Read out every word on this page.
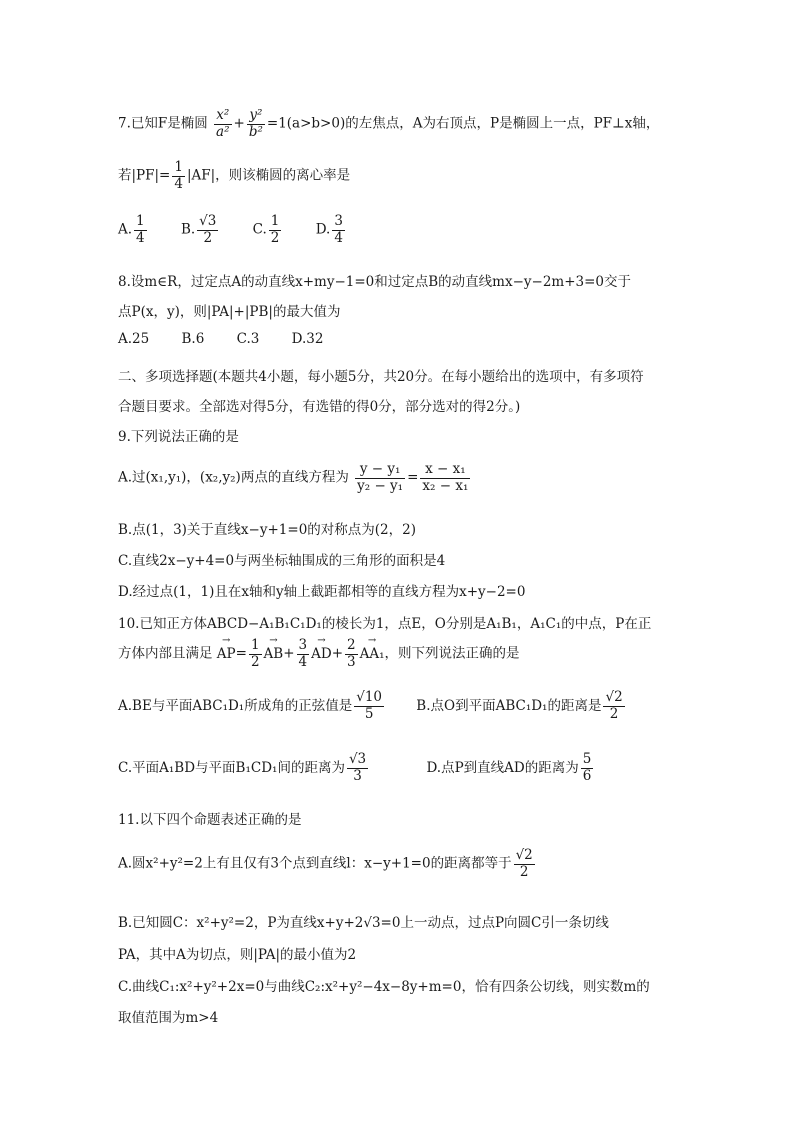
7.已知F是椭圆 $\frac{\text{x²}}{\text{a²}} + \frac{\text{y²}}{\text{b²}} =1(a>b>0)$的左焦点，A为右顶点，P是椭圆上一点，PF⊥x轴，
若$|PF|= \frac{1}{4} |AF|$，则该椭圆的离心率是
A. $\frac{1}{4}$	B. $\frac{√3}{2}$	C. $\frac{1}{2}$	D. $\frac{3}{4}$
8.设m∈R，过定点A的动直线x+my−1=0和过定点B的动直线mx−y−2m+3=0交于
点P(x，y)，则|PA|+|PB|的最大值为
A.25 B.6 C.3 D.32
二、多项选择题(本题共4小题，每小题5分，共20分。在每小题给出的选项中，有多项符
合题目要求。全部选对得5分，有选错的得0分，部分选对的得2分。)
9.下列说法正确的是
A.过(x₁,y₁)，(x₂,y₂)两点的直线方程为 $\frac{\text{y − y₁}}{\text{y₂ − y₁}} = \frac{\text{x − x₁}}{\text{x₂ − x₁}}$
B.点(1，3)关于直线x−y+1=0的对称点为(2，2)
C.直线2x−y+4=0与两坐标轴围成的三角形的面积是4
D.经过点(1，1)且在x轴和y轴上截距都相等的直线方程为x+y−2=0
10.已知正方体ABCD−A₁B₁C₁D₁的棱长为1，点E，O分别是A₁B₁，A₁C₁的中点，P在正
方体内部且满足 → $AP= \frac{1}{2}$
→ $AB+ \frac{3}{4}$
→ $AD+ \frac{2}{3}$
→ AA₁，则下列说法正确的是
A.BE与平面ABC₁D₁所成角的正弦值是 $\frac{√10}{5} B$.点O到平面ABC₁D₁的距离是 $\frac{√2}{2}$
C.平面A₁BD与平面B₁CD₁间的距离为 $\frac{√3}{3}$	D.点P到直线AD的距离为 $\frac{5}{6}$
11.以下四个命题表述正确的是
A.圆x²+y²=2上有且仅有3个点到直线l：x−y+1=0的距离都等于 $\frac{√2}{2}$
B.已知圆C：x²+y²=2，P为直线x+y+2√3=0上一动点，过点P向圆C引一条切线
PA，其中A为切点，则|PA|的最小值为2
C.曲线C₁:x²+y²+2x=0与曲线C₂:x²+y²−4x−8y+m=0，恰有四条公切线，则实数m的
取值范围为m>4
